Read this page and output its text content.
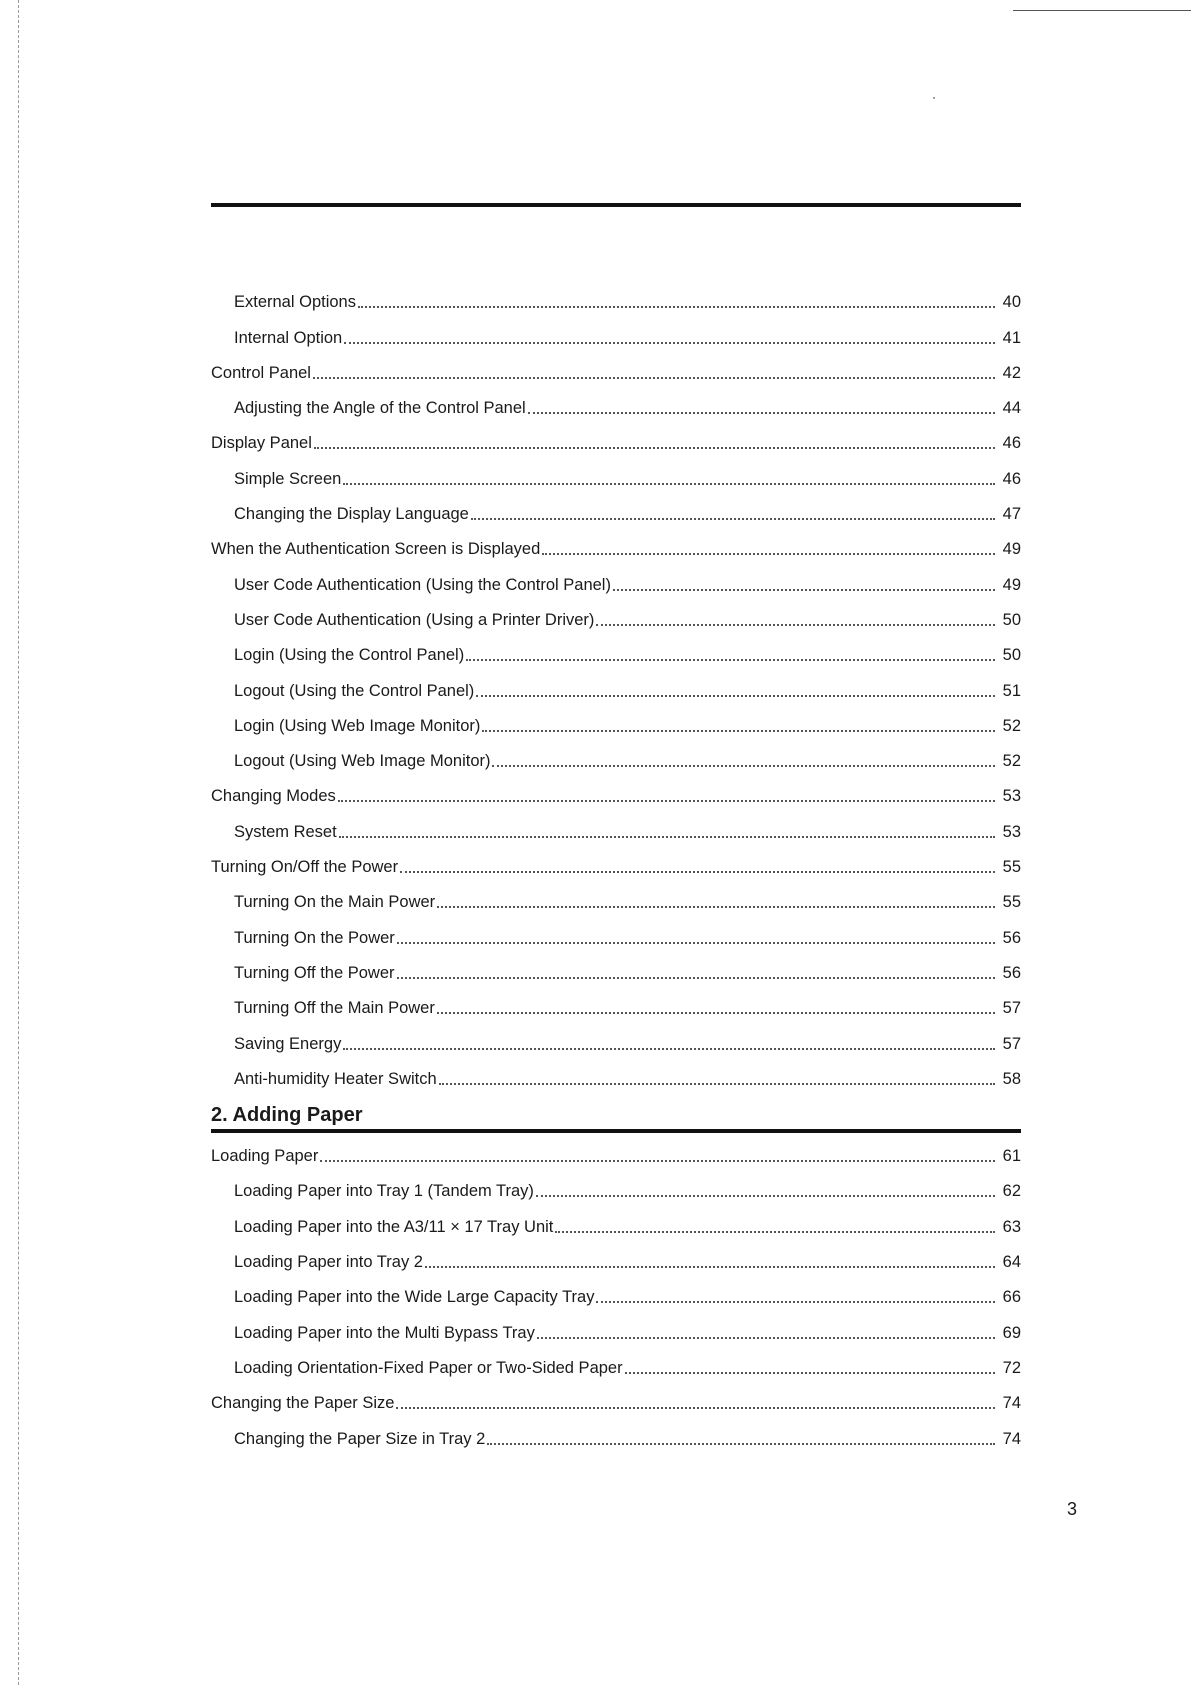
External Options	40
Internal Option	41
Control Panel	42
Adjusting the Angle of the Control Panel	44
Display Panel	46
Simple Screen	46
Changing the Display Language	47
When the Authentication Screen is Displayed	49
User Code Authentication (Using the Control Panel)	49
User Code Authentication (Using a Printer Driver)	50
Login (Using the Control Panel)	50
Logout (Using the Control Panel)	51
Login (Using Web Image Monitor)	52
Logout (Using Web Image Monitor)	52
Changing Modes	53
System Reset	53
Turning On/Off the Power	55
Turning On the Main Power	55
Turning On the Power	56
Turning Off the Power	56
Turning Off the Main Power	57
Saving Energy	57
Anti-humidity Heater Switch	58
2. Adding Paper
Loading Paper	61
Loading Paper into Tray 1 (Tandem Tray)	62
Loading Paper into the A3/11 × 17 Tray Unit	63
Loading Paper into Tray 2	64
Loading Paper into the Wide Large Capacity Tray	66
Loading Paper into the Multi Bypass Tray	69
Loading Orientation-Fixed Paper or Two-Sided Paper	72
Changing the Paper Size	74
Changing the Paper Size in Tray 2	74
3
